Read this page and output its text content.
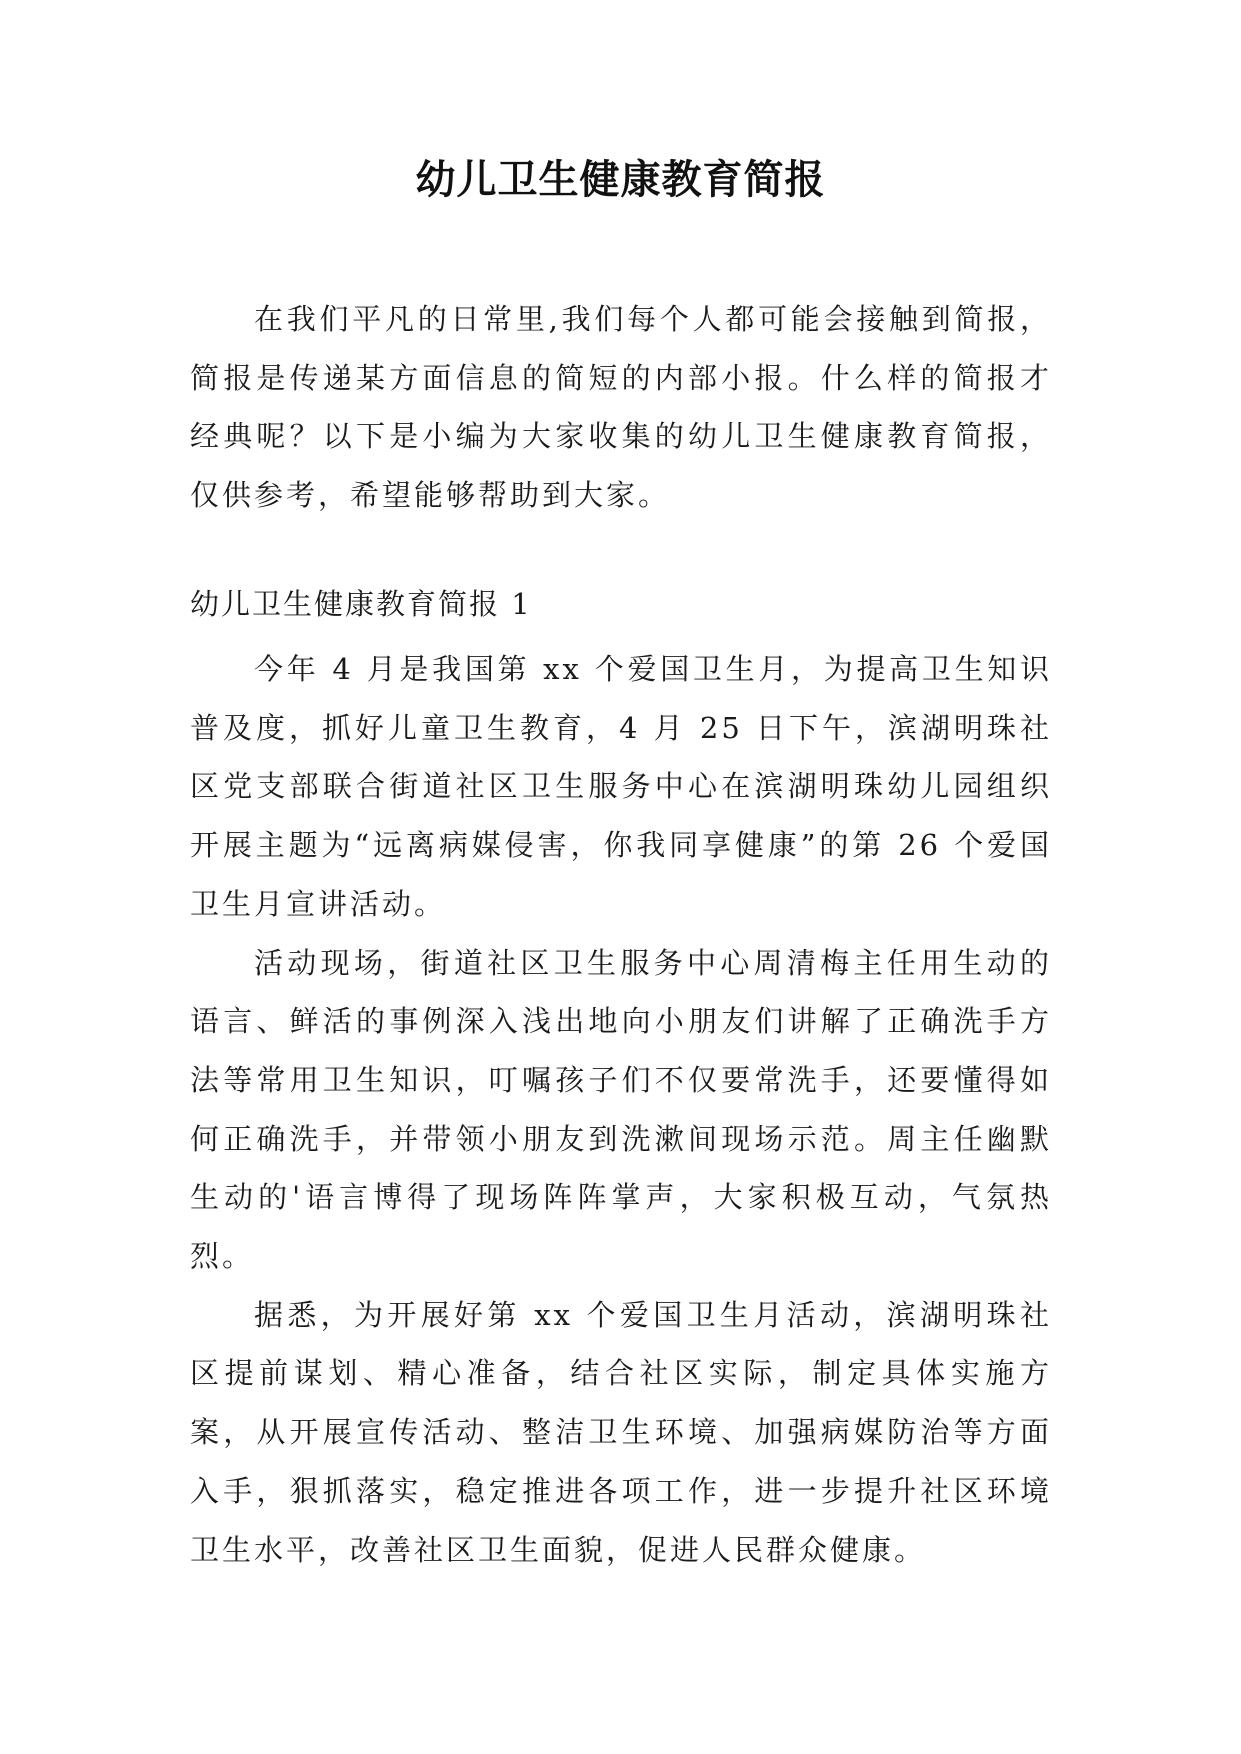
幼儿卫生健康教育简报

在我们平凡的日常里,我们每个人都可能会接触到简报，简报是传递某方面信息的简短的内部小报。什么样的简报才经典呢？以下是小编为大家收集的幼儿卫生健康教育简报，仅供参考，希望能够帮助到大家。

幼儿卫生健康教育简报 1

今年 4 月是我国第 xx 个爱国卫生月，为提高卫生知识普及度，抓好儿童卫生教育，4 月 25 日下午，滨湖明珠社区党支部联合街道社区卫生服务中心在滨湖明珠幼儿园组织开展主题为“远离病媒侵害，你我同享健康”的第 26 个爱国卫生月宣讲活动。

活动现场，街道社区卫生服务中心周清梅主任用生动的语言、鲜活的事例深入浅出地向小朋友们讲解了正确洗手方法等常用卫生知识，叮嘱孩子们不仅要常洗手，还要懂得如何正确洗手，并带领小朋友到洗漱间现场示范。周主任幽默生动的'语言博得了现场阵阵掌声，大家积极互动，气氛热烈。

据悉，为开展好第 xx 个爱国卫生月活动，滨湖明珠社区提前谋划、精心准备，结合社区实际，制定具体实施方案，从开展宣传活动、整洁卫生环境、加强病媒防治等方面入手，狠抓落实，稳定推进各项工作，进一步提升社区环境卫生水平，改善社区卫生面貌，促进人民群众健康。
